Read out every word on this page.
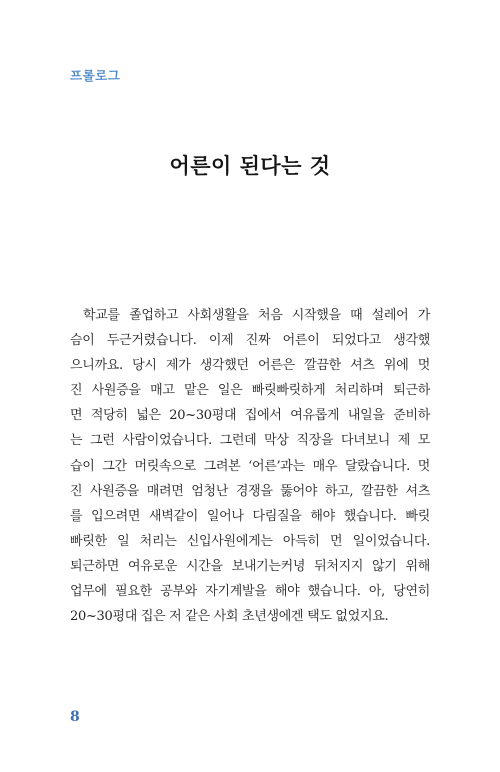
프롤로그
어른이 된다는 것
학교를 졸업하고 사회생활을 처음 시작했을 때 설레어 가
슴이 두근거렸습니다. 이제 진짜 어른이 되었다고 생각했
으니까요. 당시 제가 생각했던 어른은 깔끔한 셔츠 위에 멋
진 사원증을 매고 맡은 일은 빠릿빠릿하게 처리하며 퇴근하
면 적당히 넓은 20~30평대 집에서 여유롭게 내일을 준비하
는 그런 사람이었습니다. 그런데 막상 직장을 다녀보니 제 모
습이 그간 머릿속으로 그려본 ‘어른’과는 매우 달랐습니다. 멋
진 사원증을 매려면 엄청난 경쟁을 뚫어야 하고, 깔끔한 셔츠
를 입으려면 새벽같이 일어나 다림질을 해야 했습니다. 빠릿
빠릿한 일 처리는 신입사원에게는 아득히 먼 일이었습니다.
퇴근하면 여유로운 시간을 보내기는커녕 뒤처지지 않기 위해
업무에 필요한 공부와 자기계발을 해야 했습니다. 아, 당연히
20~30평대 집은 저 같은 사회 초년생에겐 택도 없었지요.
8
